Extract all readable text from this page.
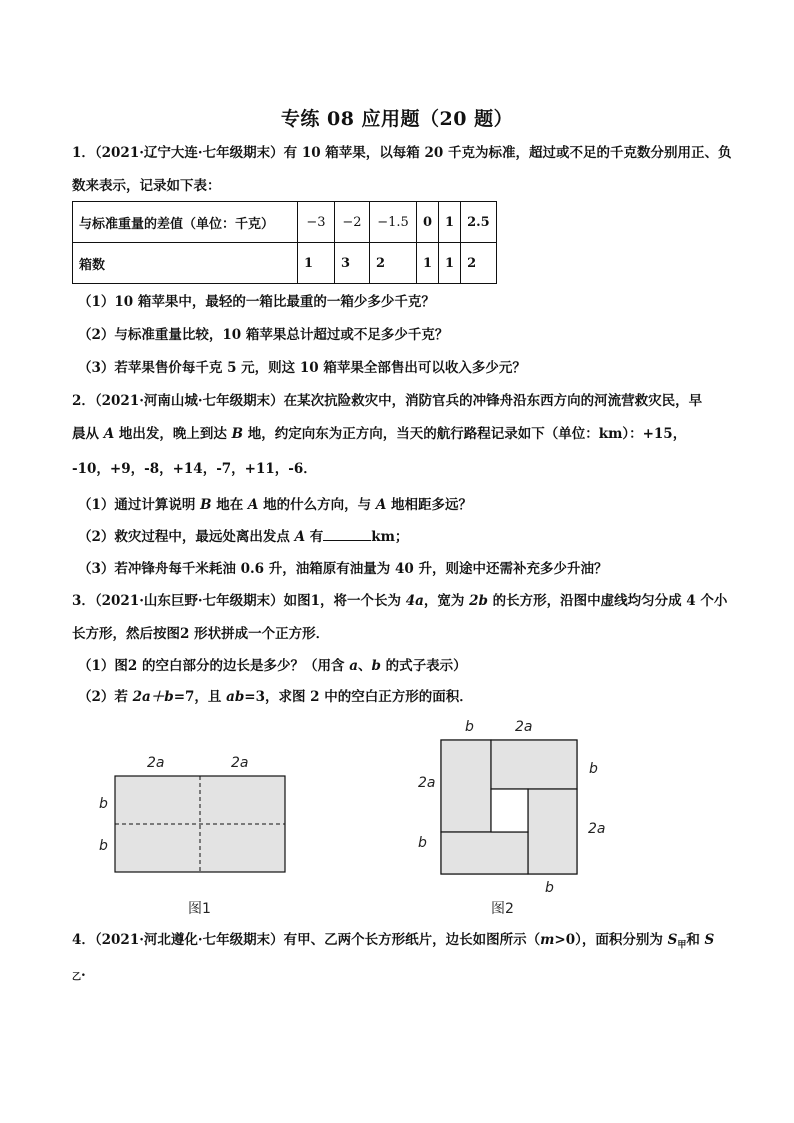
专练 08 应用题（20 题）
1．（2021·辽宁大连·七年级期末）有 10 箱苹果，以每箱 20 千克为标准，超过或不足的千克数分别用正、负
数来表示，记录如下表：
与标准重量的差值（单位：千克）	−3	−2	−1.5	0	1	2.5
箱数	1	3	2	1	1	2
（1）10 箱苹果中，最轻的一箱比最重的一箱少多少千克？
（2）与标准重量比较，10 箱苹果总计超过或不足多少千克？
（3）若苹果售价每千克 5 元，则这 10 箱苹果全部售出可以收入多少元？
2．（2021·河南山城·七年级期末）在某次抗险救灾中，消防官兵的冲锋舟沿东西方向的河流营救灾民，早
晨从 A 地出发，晚上到达 B 地，约定向东为正方向，当天的航行路程记录如下（单位：km）：+15，
-10，+9，-8，+14，-7，+11，-6．
（1）通过计算说明 B 地在 A 地的什么方向，与 A 地相距多远？
（2）救灾过程中，最远处离出发点 A 有	km；
（3）若冲锋舟每千米耗油 0.6 升，油箱原有油量为 40 升，则途中还需补充多少升油？
3．（2021·山东巨野·七年级期末）如图1，将一个长为 4a，宽为 2b 的长方形，沿图中虚线均匀分成 4 个小
长方形，然后按图2 形状拼成一个正方形．
（1）图2 的空白部分的边长是多少？（用含 a、b 的式子表示）
（2）若 2a＋b=7，且 ab=3，求图 2 中的空白正方形的面积．
2a	2a
b
b
图1
b	2a
b
2a
2a
b
b
图2
4．（2021·河北遵化·七年级期末）有甲、乙两个长方形纸片，边长如图所示（m>0），面积分别为 $S_甲$和 S
$_乙$.
